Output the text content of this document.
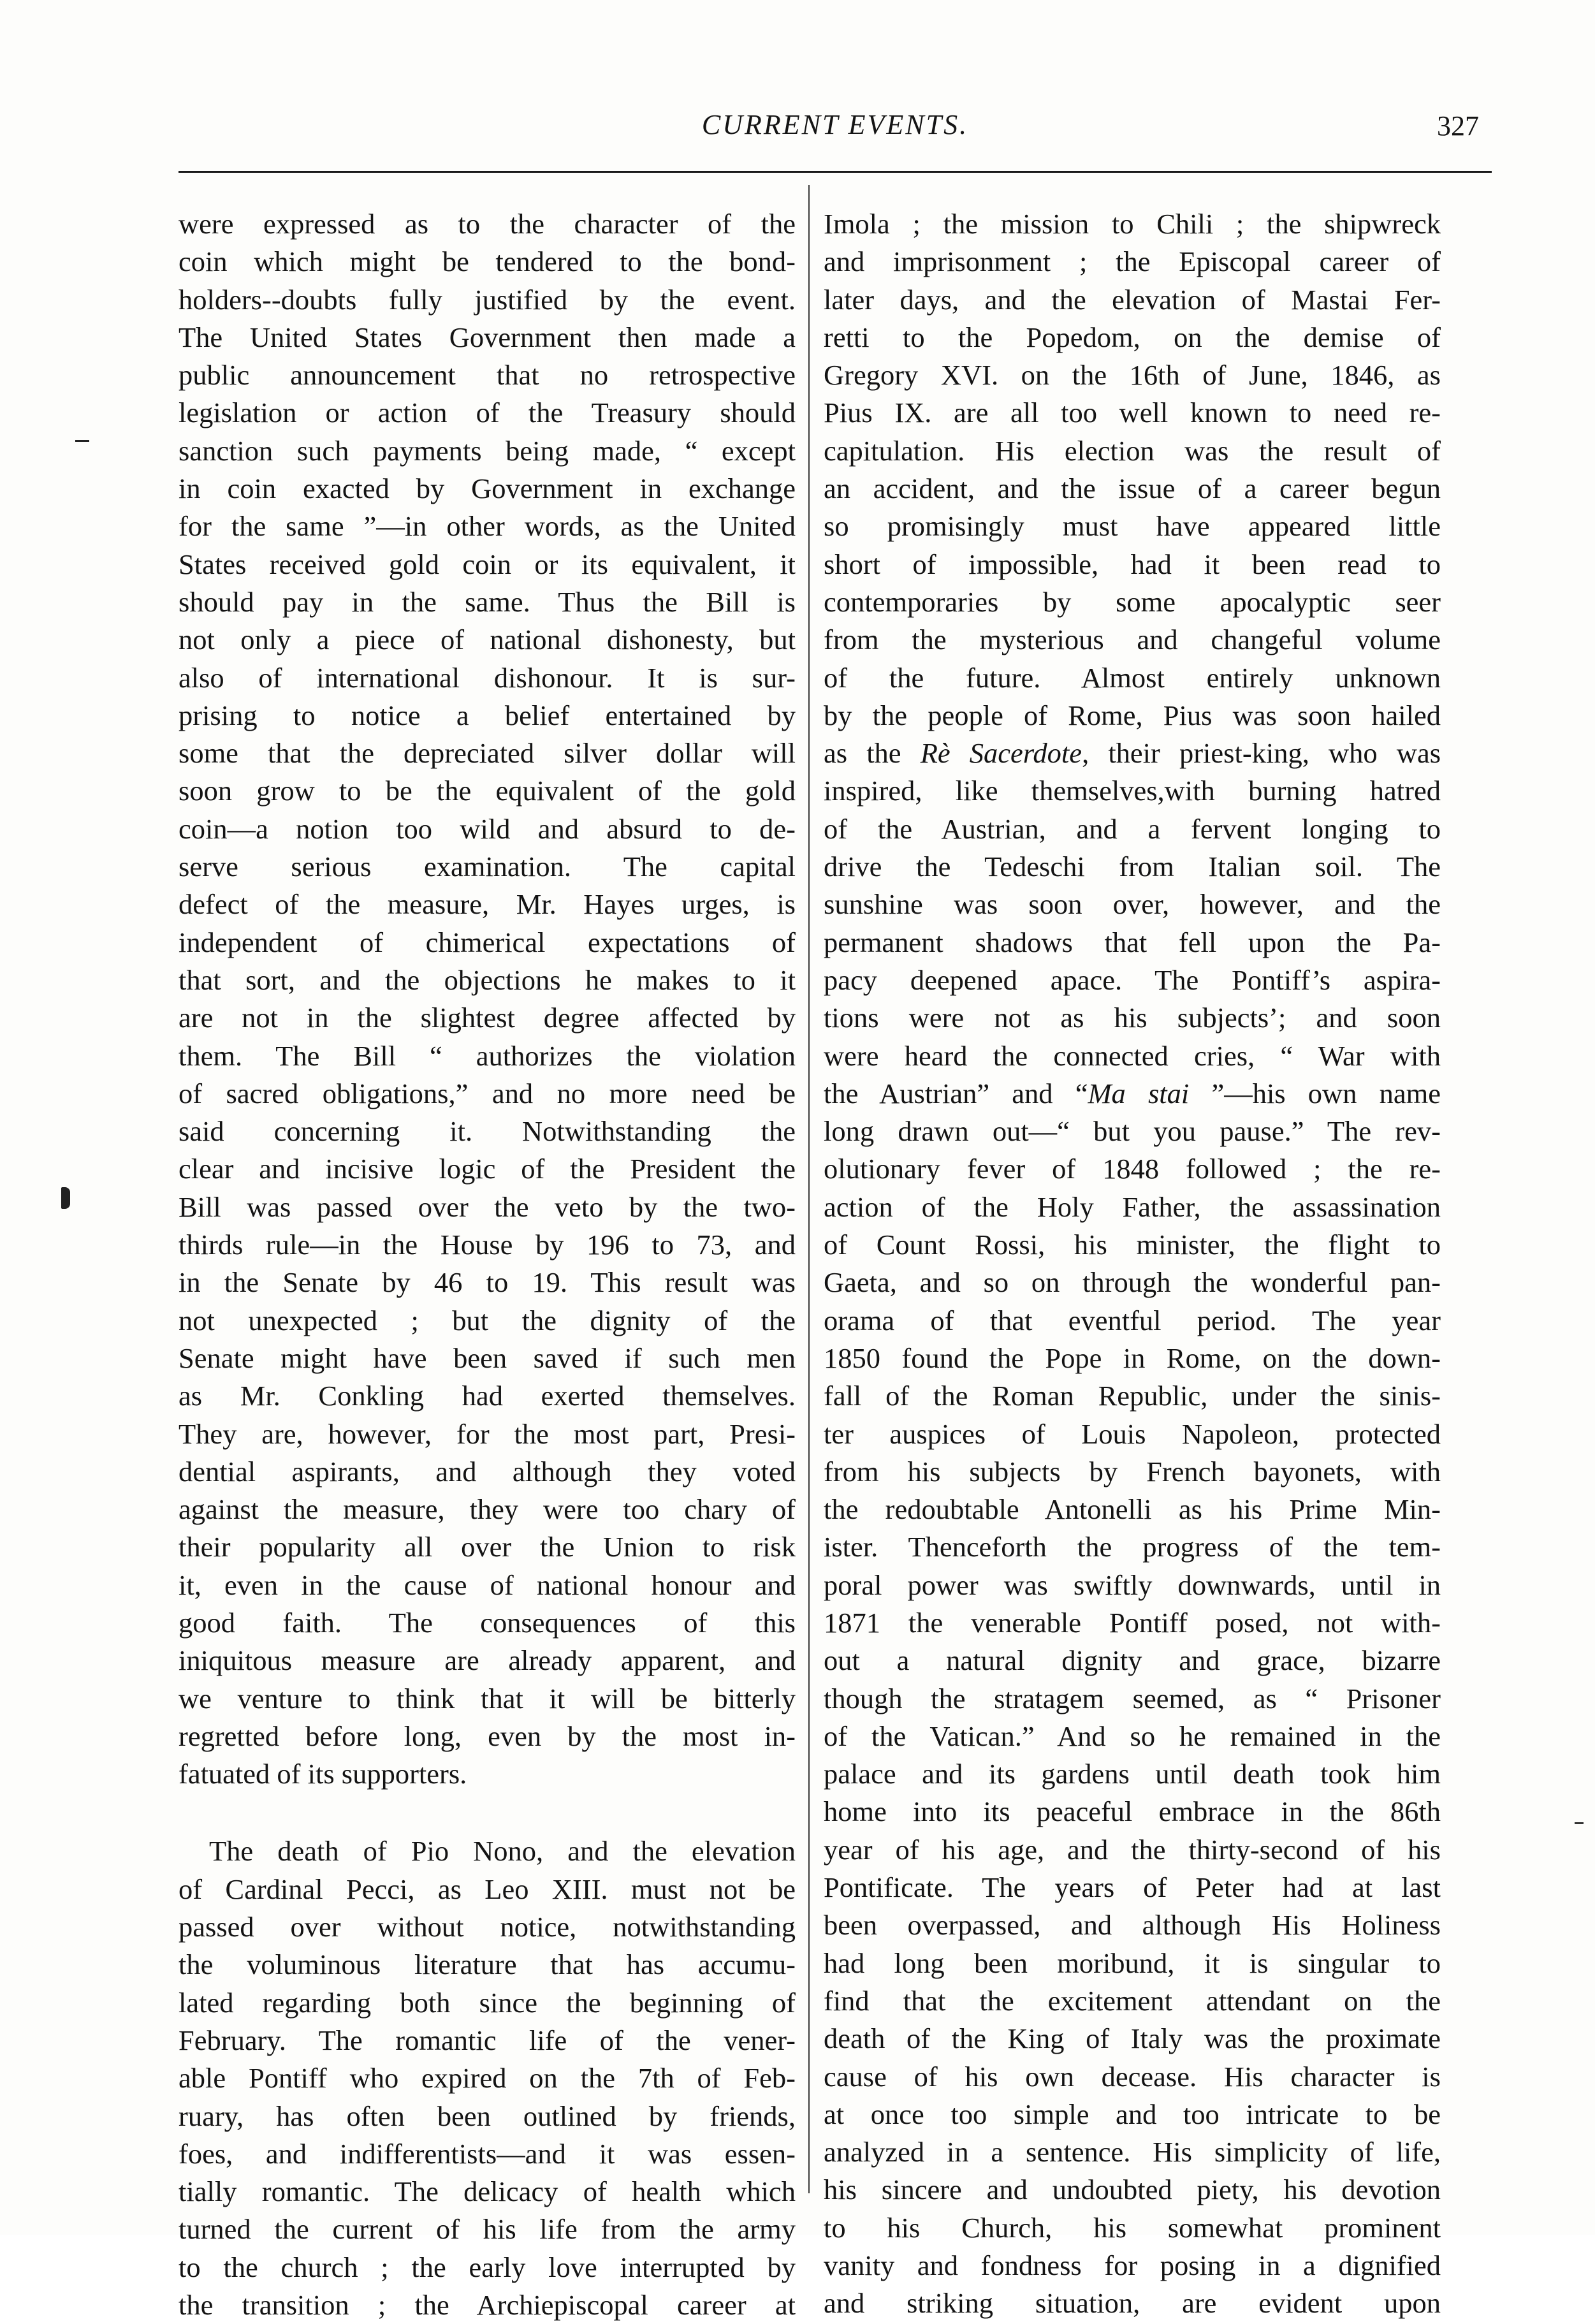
CURRENT EVENTS.	327
were expressed as to the character of the
coin which might be tendered to the bond-
holders--doubts fully justified by the event.
The United States Government then made a
public announcement that no retrospective
legislation or action of the Treasury should
sanction such payments being made, “ except
in coin exacted by Government in exchange
for the same ”—in other words, as the United
States received gold coin or its equivalent, it
should pay in the same. Thus the Bill is
not only a piece of national dishonesty, but
also of international dishonour. It is sur-
prising to notice a belief entertained by
some that the depreciated silver dollar will
soon grow to be the equivalent of the gold
coin—a notion too wild and absurd to de-
serve serious examination. The capital
defect of the measure, Mr. Hayes urges, is
independent of chimerical expectations of
that sort, and the objections he makes to it
are not in the slightest degree affected by
them. The Bill “ authorizes the violation
of sacred obligations,” and no more need be
said concerning it. Notwithstanding the
clear and incisive logic of the President the
Bill was passed over the veto by the two-
thirds rule—in the House by 196 to 73, and
in the Senate by 46 to 19. This result was
not unexpected ; but the dignity of the
Senate might have been saved if such men
as Mr. Conkling had exerted themselves.
They are, however, for the most part, Presi-
dential aspirants, and although they voted
against the measure, they were too chary of
their popularity all over the Union to risk
it, even in the cause of national honour and
good faith. The consequences of this
iniquitous measure are already apparent, and
we venture to think that it will be bitterly
regretted before long, even by the most in-
fatuated of its supporters.
The death of Pio Nono, and the elevation
of Cardinal Pecci, as Leo XIII. must not be
passed over without notice, notwithstanding
the voluminous literature that has accumu-
lated regarding both since the beginning of
February. The romantic life of the vener-
able Pontiff who expired on the 7th of Feb-
ruary, has often been outlined by friends,
foes, and indifferentists—and it was essen-
tially romantic. The delicacy of health which
turned the current of his life from the army
to the church ; the early love interrupted by
the transition ; the Archiepiscopal career at
Imola ; the mission to Chili ; the shipwreck
and imprisonment ; the Episcopal career of
later days, and the elevation of Mastai Fer-
retti to the Popedom, on the demise of
Gregory XVI. on the 16th of June, 1846, as
Pius IX. are all too well known to need re-
capitulation. His election was the result of
an accident, and the issue of a career begun
so promisingly must have appeared little
short of impossible, had it been read to
contemporaries by some apocalyptic seer
from the mysterious and changeful volume
of the future. Almost entirely unknown
by the people of Rome, Pius was soon hailed
as the Rè Sacerdote, their priest-king, who was
inspired, like themselves,with burning hatred
of the Austrian, and a fervent longing to
drive the Tedeschi from Italian soil. The
sunshine was soon over, however, and the
permanent shadows that fell upon the Pa-
pacy deepened apace. The Pontiff’s aspira-
tions were not as his subjects’; and soon
were heard the connected cries, “ War with
the Austrian” and “Ma stai ”—his own name
long drawn out—“ but you pause.” The rev-
olutionary fever of 1848 followed ; the re-
action of the Holy Father, the assassination
of Count Rossi, his minister, the flight to
Gaeta, and so on through the wonderful pan-
orama of that eventful period. The year
1850 found the Pope in Rome, on the down-
fall of the Roman Republic, under the sinis-
ter auspices of Louis Napoleon, protected
from his subjects by French bayonets, with
the redoubtable Antonelli as his Prime Min-
ister. Thenceforth the progress of the tem-
poral power was swiftly downwards, until in
1871 the venerable Pontiff posed, not with-
out a natural dignity and grace, bizarre
though the stratagem seemed, as “ Prisoner
of the Vatican.” And so he remained in the
palace and its gardens until death took him
home into its peaceful embrace in the 86th
year of his age, and the thirty-second of his
Pontificate. The years of Peter had at last
been overpassed, and although His Holiness
had long been moribund, it is singular to
find that the excitement attendant on the
death of the King of Italy was the proximate
cause of his own decease. His character is
at once too simple and too intricate to be
analyzed in a sentence. His simplicity of life,
his sincere and undoubted piety, his devotion
to his Church, his somewhat prominent
vanity and fondness for posing in a dignified
and striking situation, are evident upon
